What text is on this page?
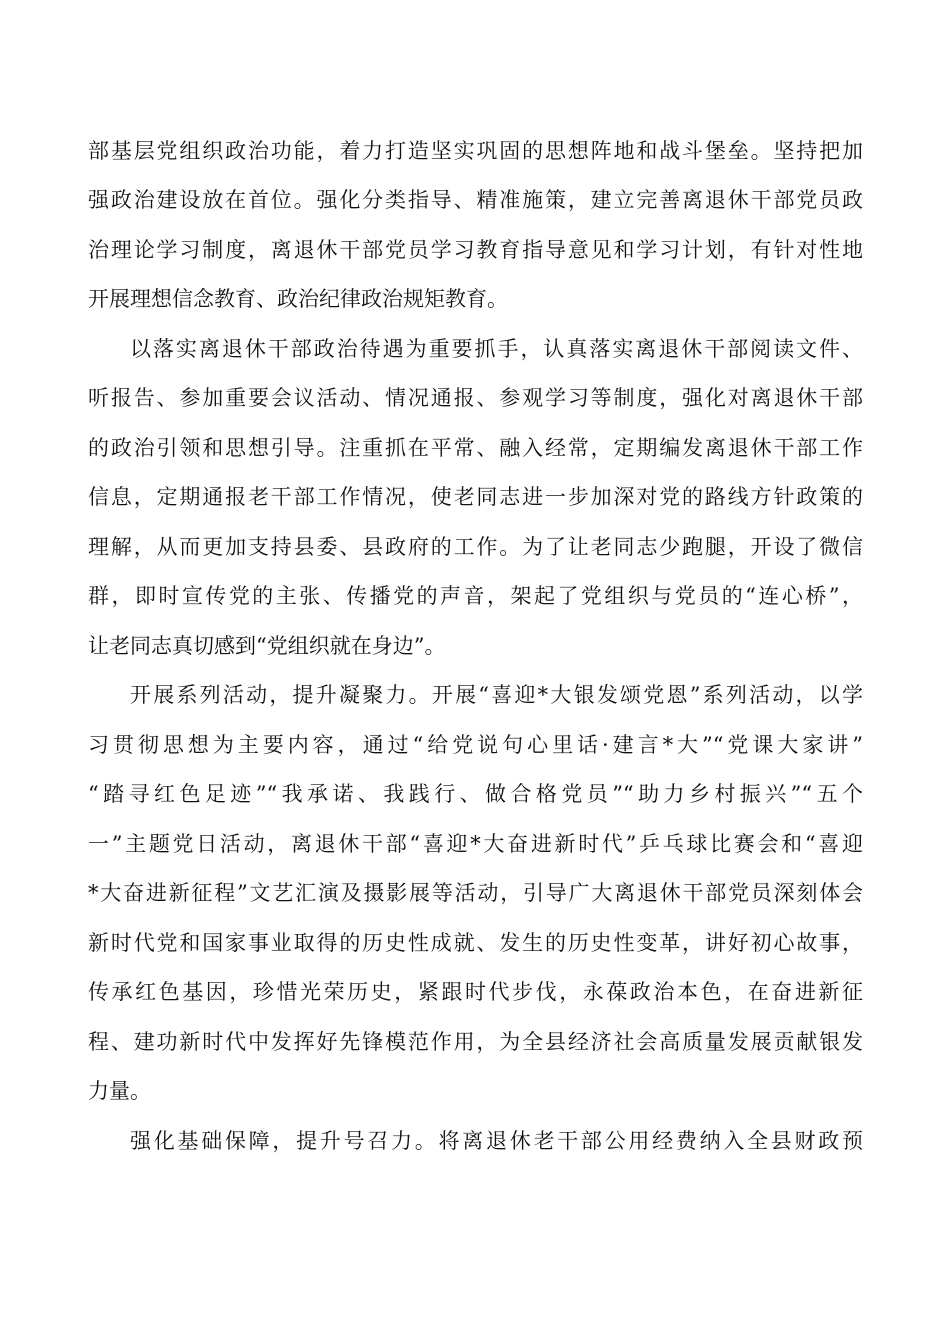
部基层党组织政治功能，着力打造坚实巩固的思想阵地和战斗堡垒。坚持把加
强政治建设放在首位。强化分类指导、精准施策，建立完善离退休干部党员政
治理论学习制度，离退休干部党员学习教育指导意见和学习计划，有针对性地
开展理想信念教育、政治纪律政治规矩教育。
以落实离退休干部政治待遇为重要抓手，认真落实离退休干部阅读文件、
听报告、参加重要会议活动、情况通报、参观学习等制度，强化对离退休干部
的政治引领和思想引导。注重抓在平常、融入经常，定期编发离退休干部工作
信息，定期通报老干部工作情况，使老同志进一步加深对党的路线方针政策的
理解，从而更加支持县委、县政府的工作。为了让老同志少跑腿，开设了微信
群，即时宣传党的主张、传播党的声音，架起了党组织与党员的“连心桥”，
让老同志真切感到“党组织就在身边”。
开展系列活动，提升凝聚力。开展“喜迎*大银发颂党恩”系列活动，以学
习贯彻思想为主要内容，通过“给党说句心里话·建言*大”“党课大家讲”
“踏寻红色足迹”“我承诺、我践行、做合格党员”“助力乡村振兴”“五个
一”主题党日活动，离退休干部“喜迎*大奋进新时代”乒乓球比赛会和“喜迎
*大奋进新征程”文艺汇演及摄影展等活动，引导广大离退休干部党员深刻体会
新时代党和国家事业取得的历史性成就、发生的历史性变革，讲好初心故事，
传承红色基因，珍惜光荣历史，紧跟时代步伐，永葆政治本色，在奋进新征
程、建功新时代中发挥好先锋模范作用，为全县经济社会高质量发展贡献银发
力量。
强化基础保障，提升号召力。将离退休老干部公用经费纳入全县财政预
